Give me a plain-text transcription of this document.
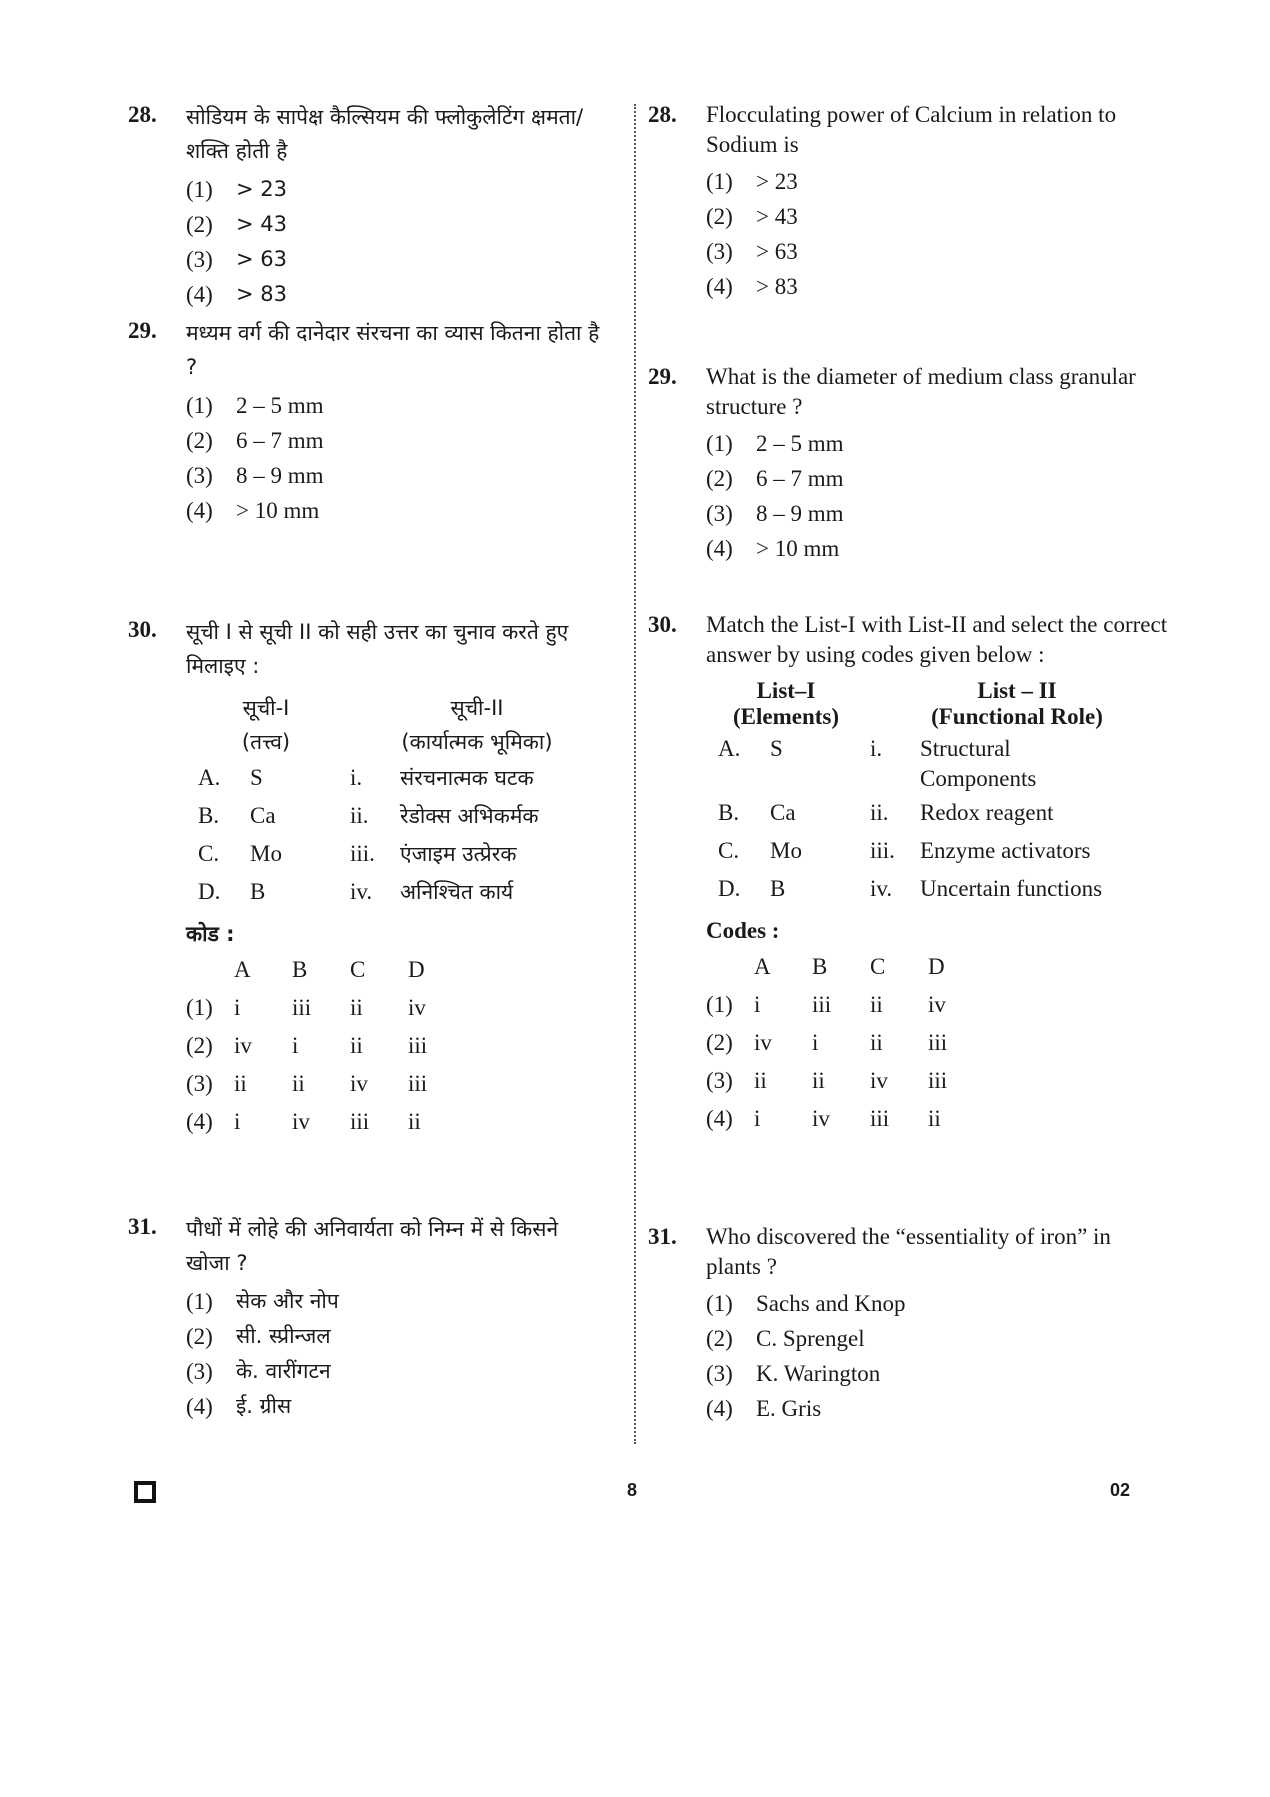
28.	सोडियम के सापेक्ष कैल्सियम की फ्लोकुलेटिंग क्षमता/शक्ति होती है
(1)	> 23
(2)	> 43
(3)	> 63
(4)	> 83
29.	मध्यम वर्ग की दानेदार संरचना का व्यास कितना होता है ?
(1)	2 – 5 mm
(2)	6 – 7 mm
(3)	8 – 9 mm
(4)	> 10 mm
30.	सूची I से सूची II को सही उत्तर का चुनाव करते हुए मिलाइए :
सूची-I
(तत्त्व)
सूची-II
(कार्यात्मक भूमिका)
A.	S	i.	संरचनात्मक घटक
B.	Ca	ii.	रेडोक्स अभिकर्मक
C.	Mo	iii.	एंजाइम उत्प्रेरक
D.	B	iv.	अनिश्चित कार्य
कोड :
	A	B	C	D
(1)	i	iii	ii	iv
(2)	iv	i	ii	iii
(3)	ii	ii	iv	iii
(4)	i	iv	iii	ii
31.	पौधों में लोहे की अनिवार्यता को निम्न में से किसने खोजा ?
(1)	सेक और नोप
(2)	सी. स्प्रीन्जल
(3)	के. वारींगटन
(4)	ई. ग्रीस
28.	Flocculating power of Calcium in relation to Sodium is
(1)	> 23
(2)	> 43
(3)	> 63
(4)	> 83
29.	What is the diameter of medium class granular structure ?
(1)	2 – 5 mm
(2)	6 – 7 mm
(3)	8 – 9 mm
(4)	> 10 mm
30.	Match the List-I with List-II and select the correct answer by using codes given below :
List–I
(Elements)
List – II
(Functional Role)
A.	S	i.	Structural Components
B.	Ca	ii.	Redox reagent
C.	Mo	iii.	Enzyme activators
D.	B	iv.	Uncertain functions
Codes :
	A	B	C	D
(1)	i	iii	ii	iv
(2)	iv	i	ii	iii
(3)	ii	ii	iv	iii
(4)	i	iv	iii	ii
31.	Who discovered the “essentiality of iron” in plants ?
(1)	Sachs and Knop
(2)	C. Sprengel
(3)	K. Warington
(4)	E. Gris
8	02
